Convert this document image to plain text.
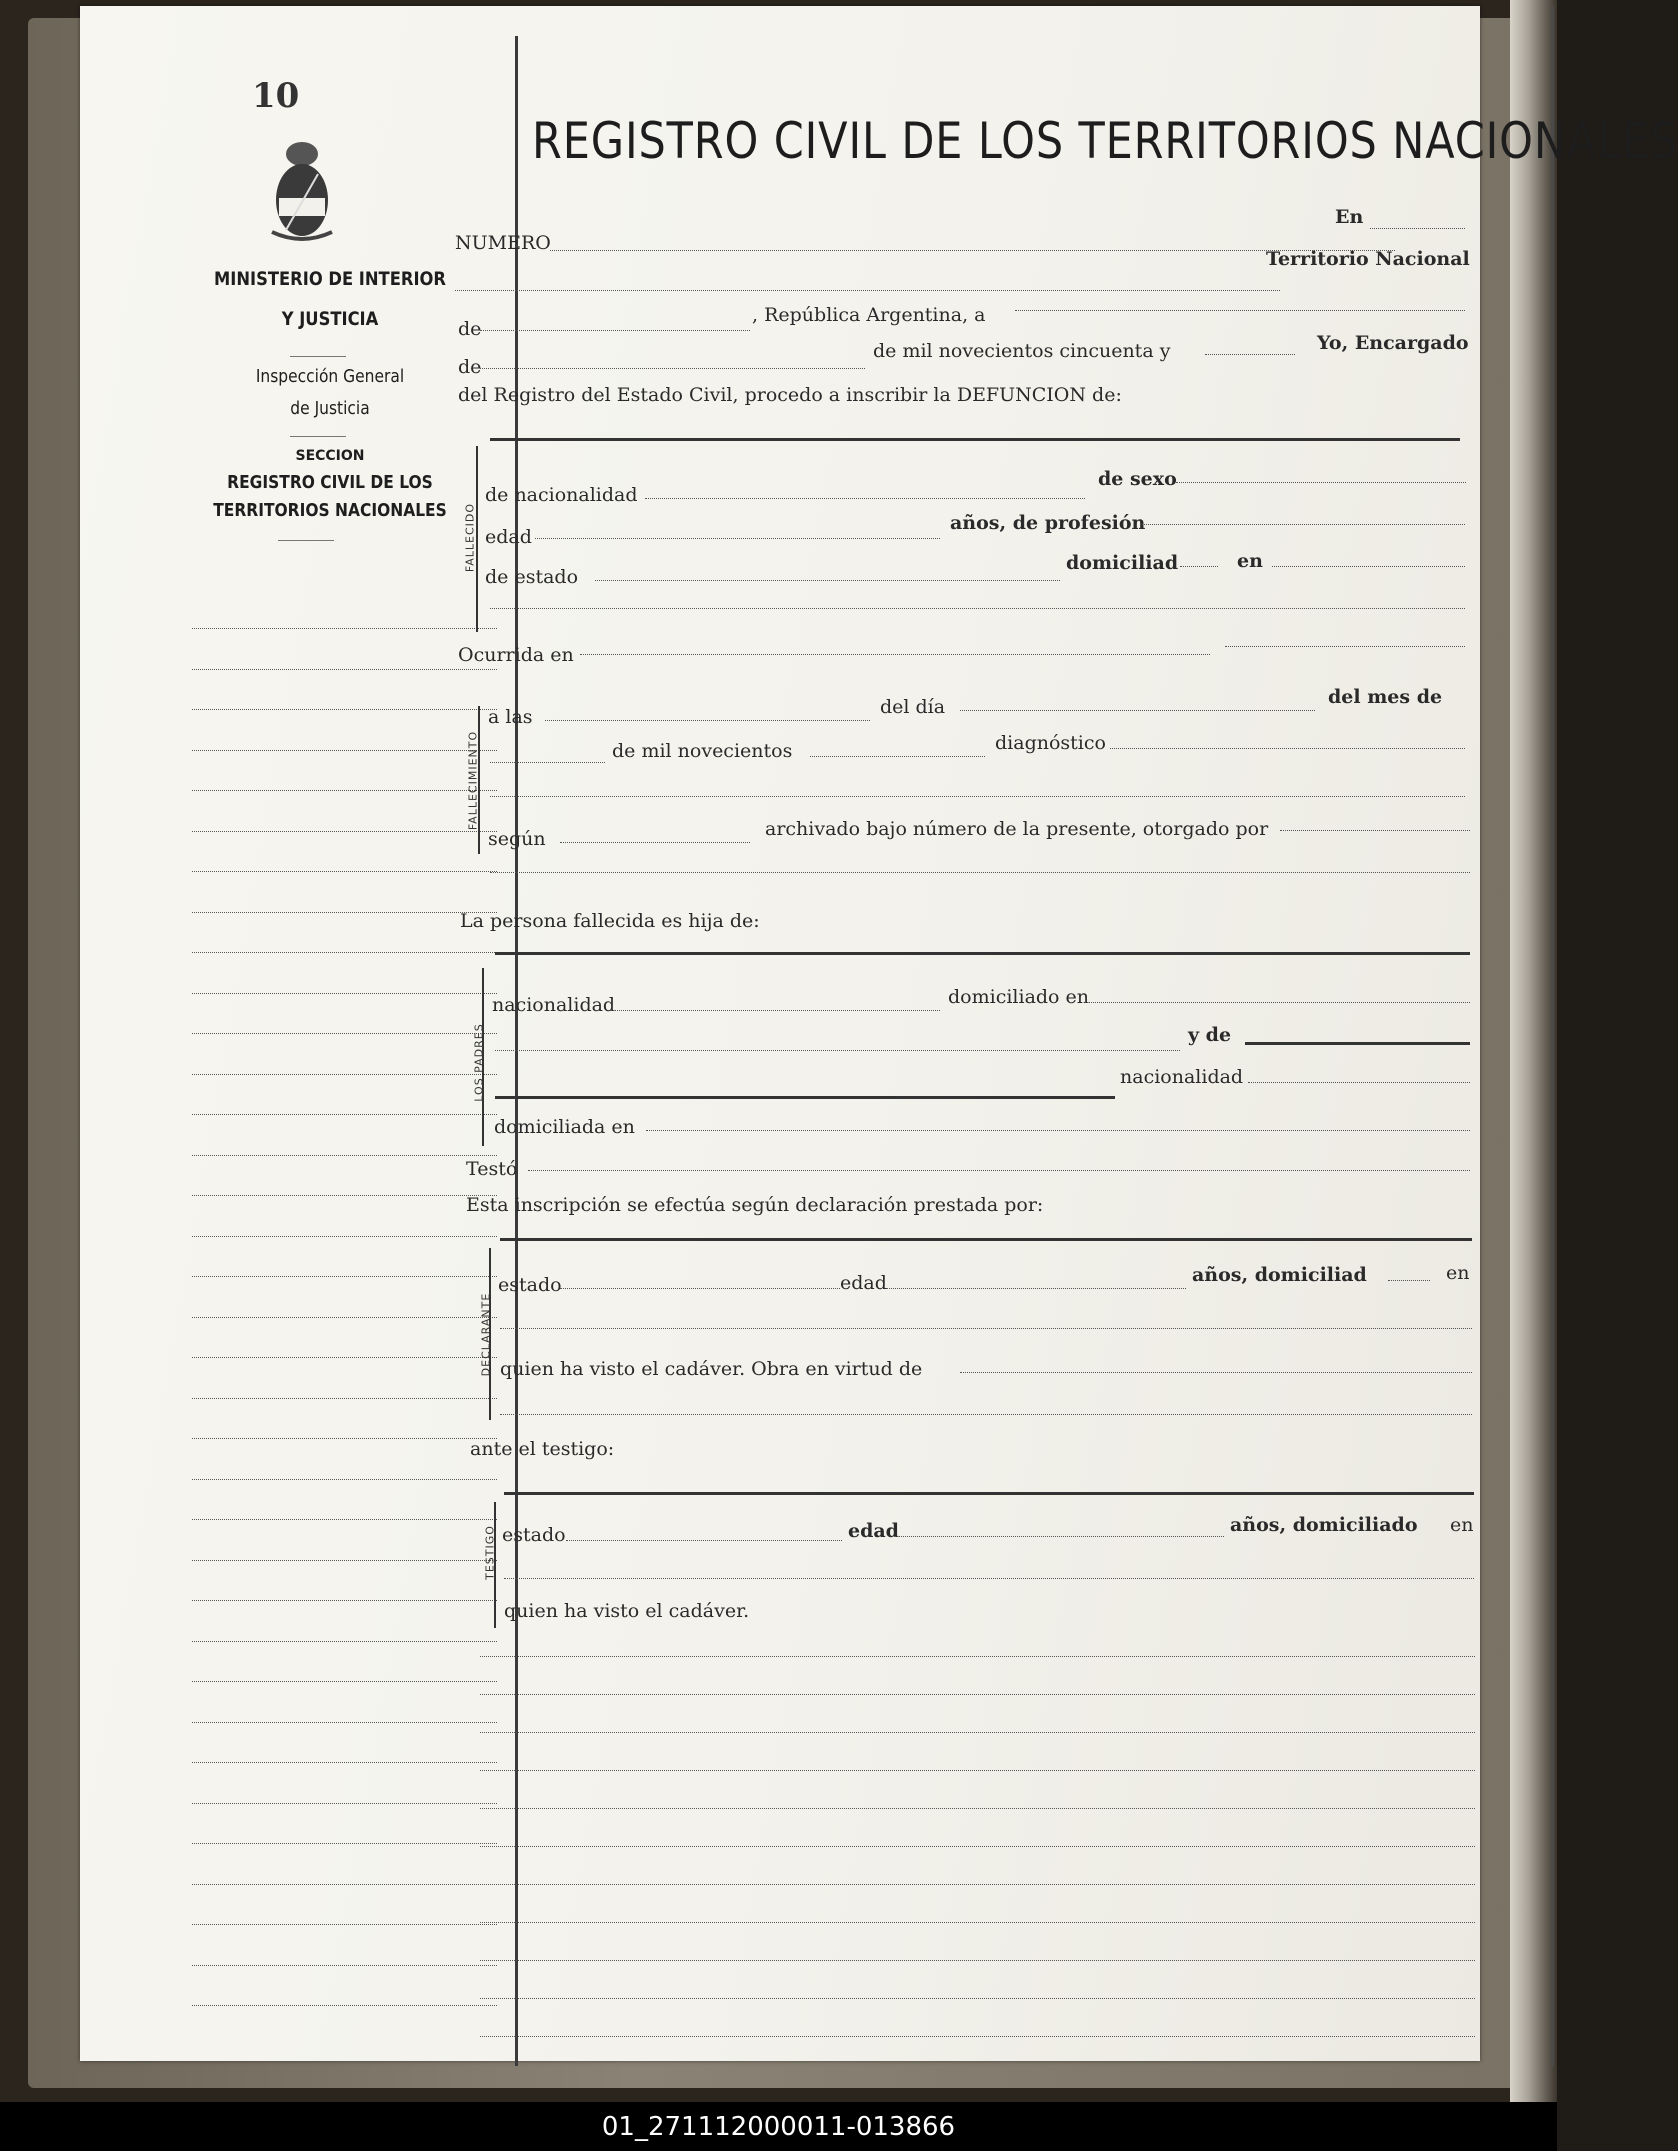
10
MINISTERIO DE INTERIOR
Y JUSTICIA
Inspección General
de Justicia
SECCION
REGISTRO CIVIL DE LOS
TERRITORIOS NACIONALES
REGISTRO CIVIL DE LOS TERRITORIOS NACIONALES
NUMERO
En
Territorio Nacional
de
, República Argentina, a
de
de mil novecientos cincuenta y	Yo, Encargado
del Registro del Estado Civil, procedo a inscribir la DEFUNCION de:
FALLECIDO
de nacionalidad
de sexo
edad
años, de profesión
de estado
domiciliad	en
Ocurrida en
FALLECIMIENTO
a las	del día	del mes de
de mil novecientos	diagnóstico
según	archivado bajo número de la presente, otorgado por
La persona fallecida es hija de:
LOS PADRES
nacionalidad	domiciliado en
y de
nacionalidad
domiciliada en
Testó
Esta inscripción se efectúa según declaración prestada por:
DECLARANTE
estado	edad	años, domiciliad	en
quien ha visto el cadáver. Obra en virtud de
ante el testigo:
TESTIGO estado	edad	años, domiciliado en
quien ha visto el cadáver.
01_271112000011-013866
